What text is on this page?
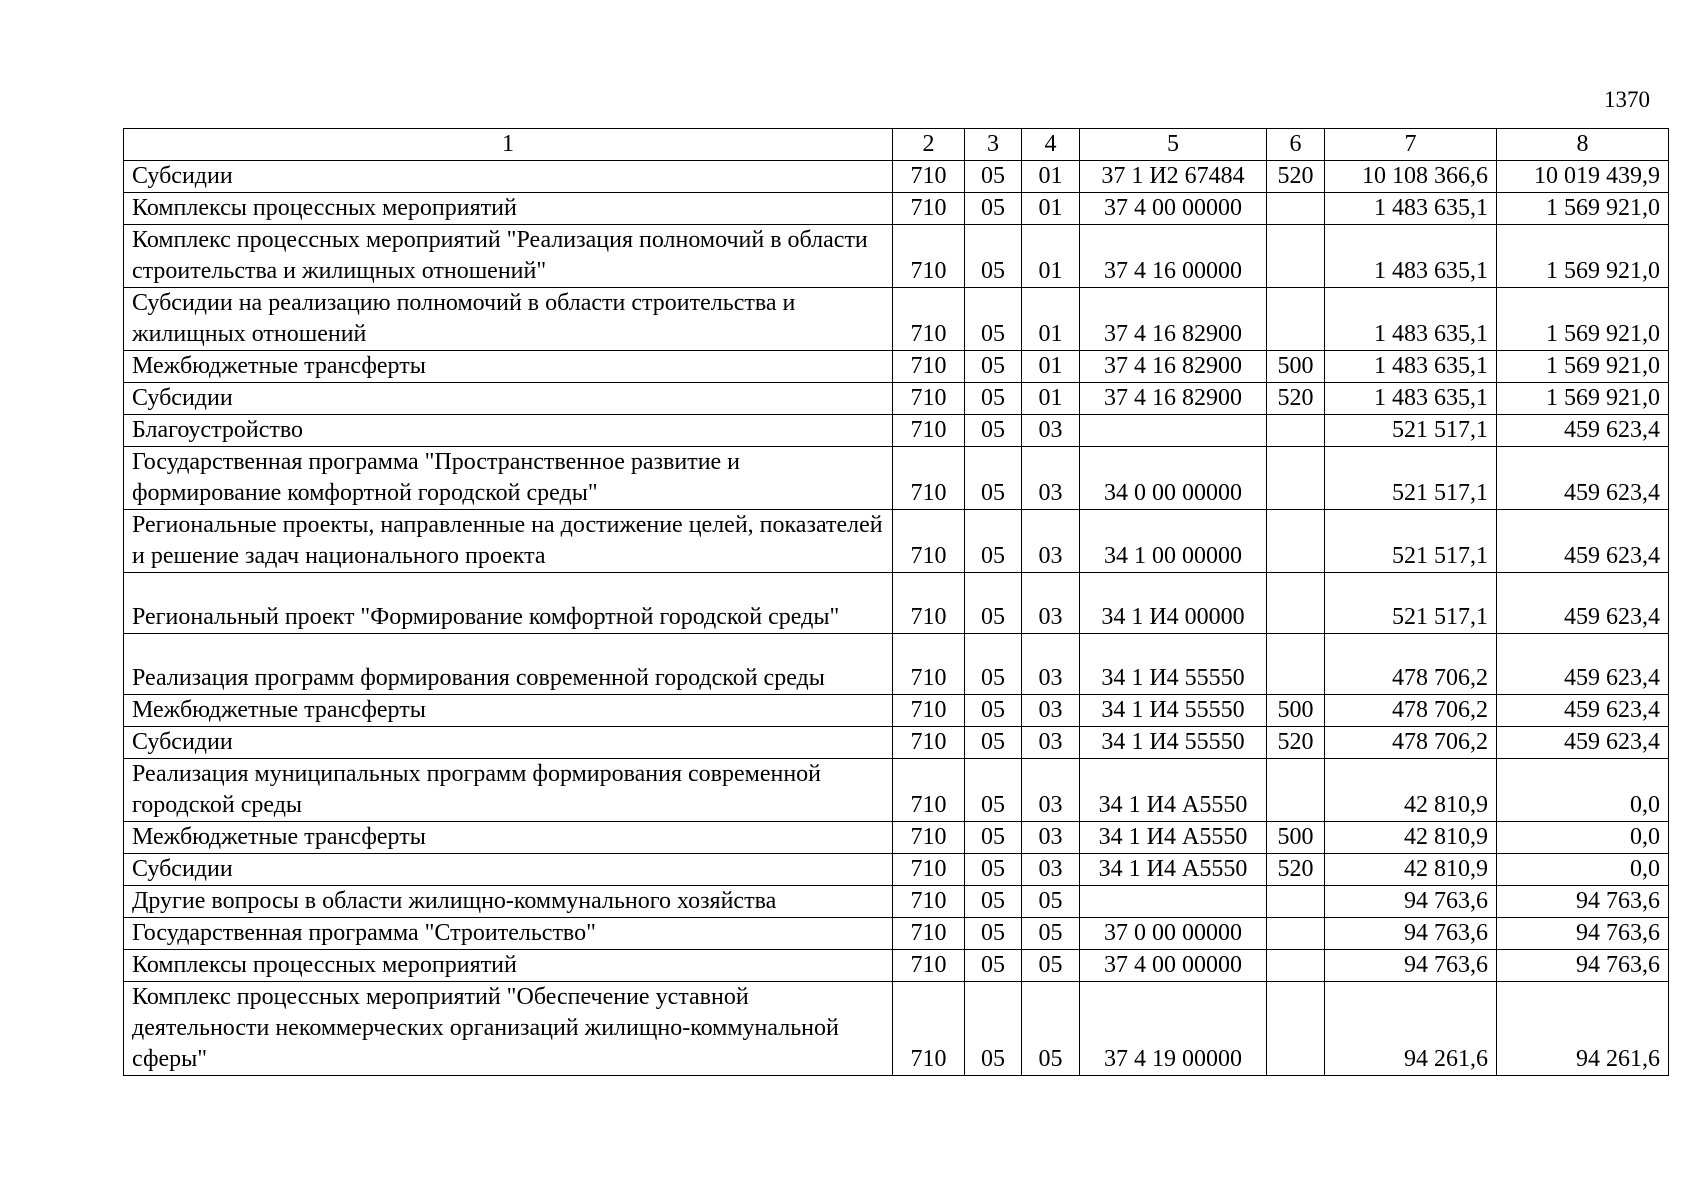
1370
1	2	3	4	5	6	7	8
Субсидии	710	05	01	37 1 И2 67484	520	10 108 366,6	10 019 439,9
Комплексы процессных мероприятий	710	05	01	37 4 00 00000		1 483 635,1	1 569 921,0
Комплекс процессных мероприятий "Реализация полномочий в области строительства и жилищных отношений"	710	05	01	37 4 16 00000		1 483 635,1	1 569 921,0
Субсидии на реализацию полномочий в области строительства и жилищных отношений	710	05	01	37 4 16 82900		1 483 635,1	1 569 921,0
Межбюджетные трансферты	710	05	01	37 4 16 82900	500	1 483 635,1	1 569 921,0
Субсидии	710	05	01	37 4 16 82900	520	1 483 635,1	1 569 921,0
Благоустройство	710	05	03			521 517,1	459 623,4
Государственная программа "Пространственное развитие и формирование комфортной городской среды"	710	05	03	34 0 00 00000		521 517,1	459 623,4
Региональные проекты, направленные на достижение целей, показателей и решение задач национального проекта	710	05	03	34 1 00 00000		521 517,1	459 623,4
Региональный проект "Формирование комфортной городской среды"	710	05	03	34 1 И4 00000		521 517,1	459 623,4
Реализация программ формирования современной городской среды	710	05	03	34 1 И4 55550		478 706,2	459 623,4
Межбюджетные трансферты	710	05	03	34 1 И4 55550	500	478 706,2	459 623,4
Субсидии	710	05	03	34 1 И4 55550	520	478 706,2	459 623,4
Реализация муниципальных программ формирования современной городской среды	710	05	03	34 1 И4 А5550		42 810,9	0,0
Межбюджетные трансферты	710	05	03	34 1 И4 А5550	500	42 810,9	0,0
Субсидии	710	05	03	34 1 И4 А5550	520	42 810,9	0,0
Другие вопросы в области жилищно-коммунального хозяйства	710	05	05			94 763,6	94 763,6
Государственная программа "Строительство"	710	05	05	37 0 00 00000		94 763,6	94 763,6
Комплексы процессных мероприятий	710	05	05	37 4 00 00000		94 763,6	94 763,6
Комплекс процессных мероприятий "Обеспечение уставной деятельности некоммерческих организаций жилищно-коммунальной сферы"	710	05	05	37 4 19 00000		94 261,6	94 261,6
